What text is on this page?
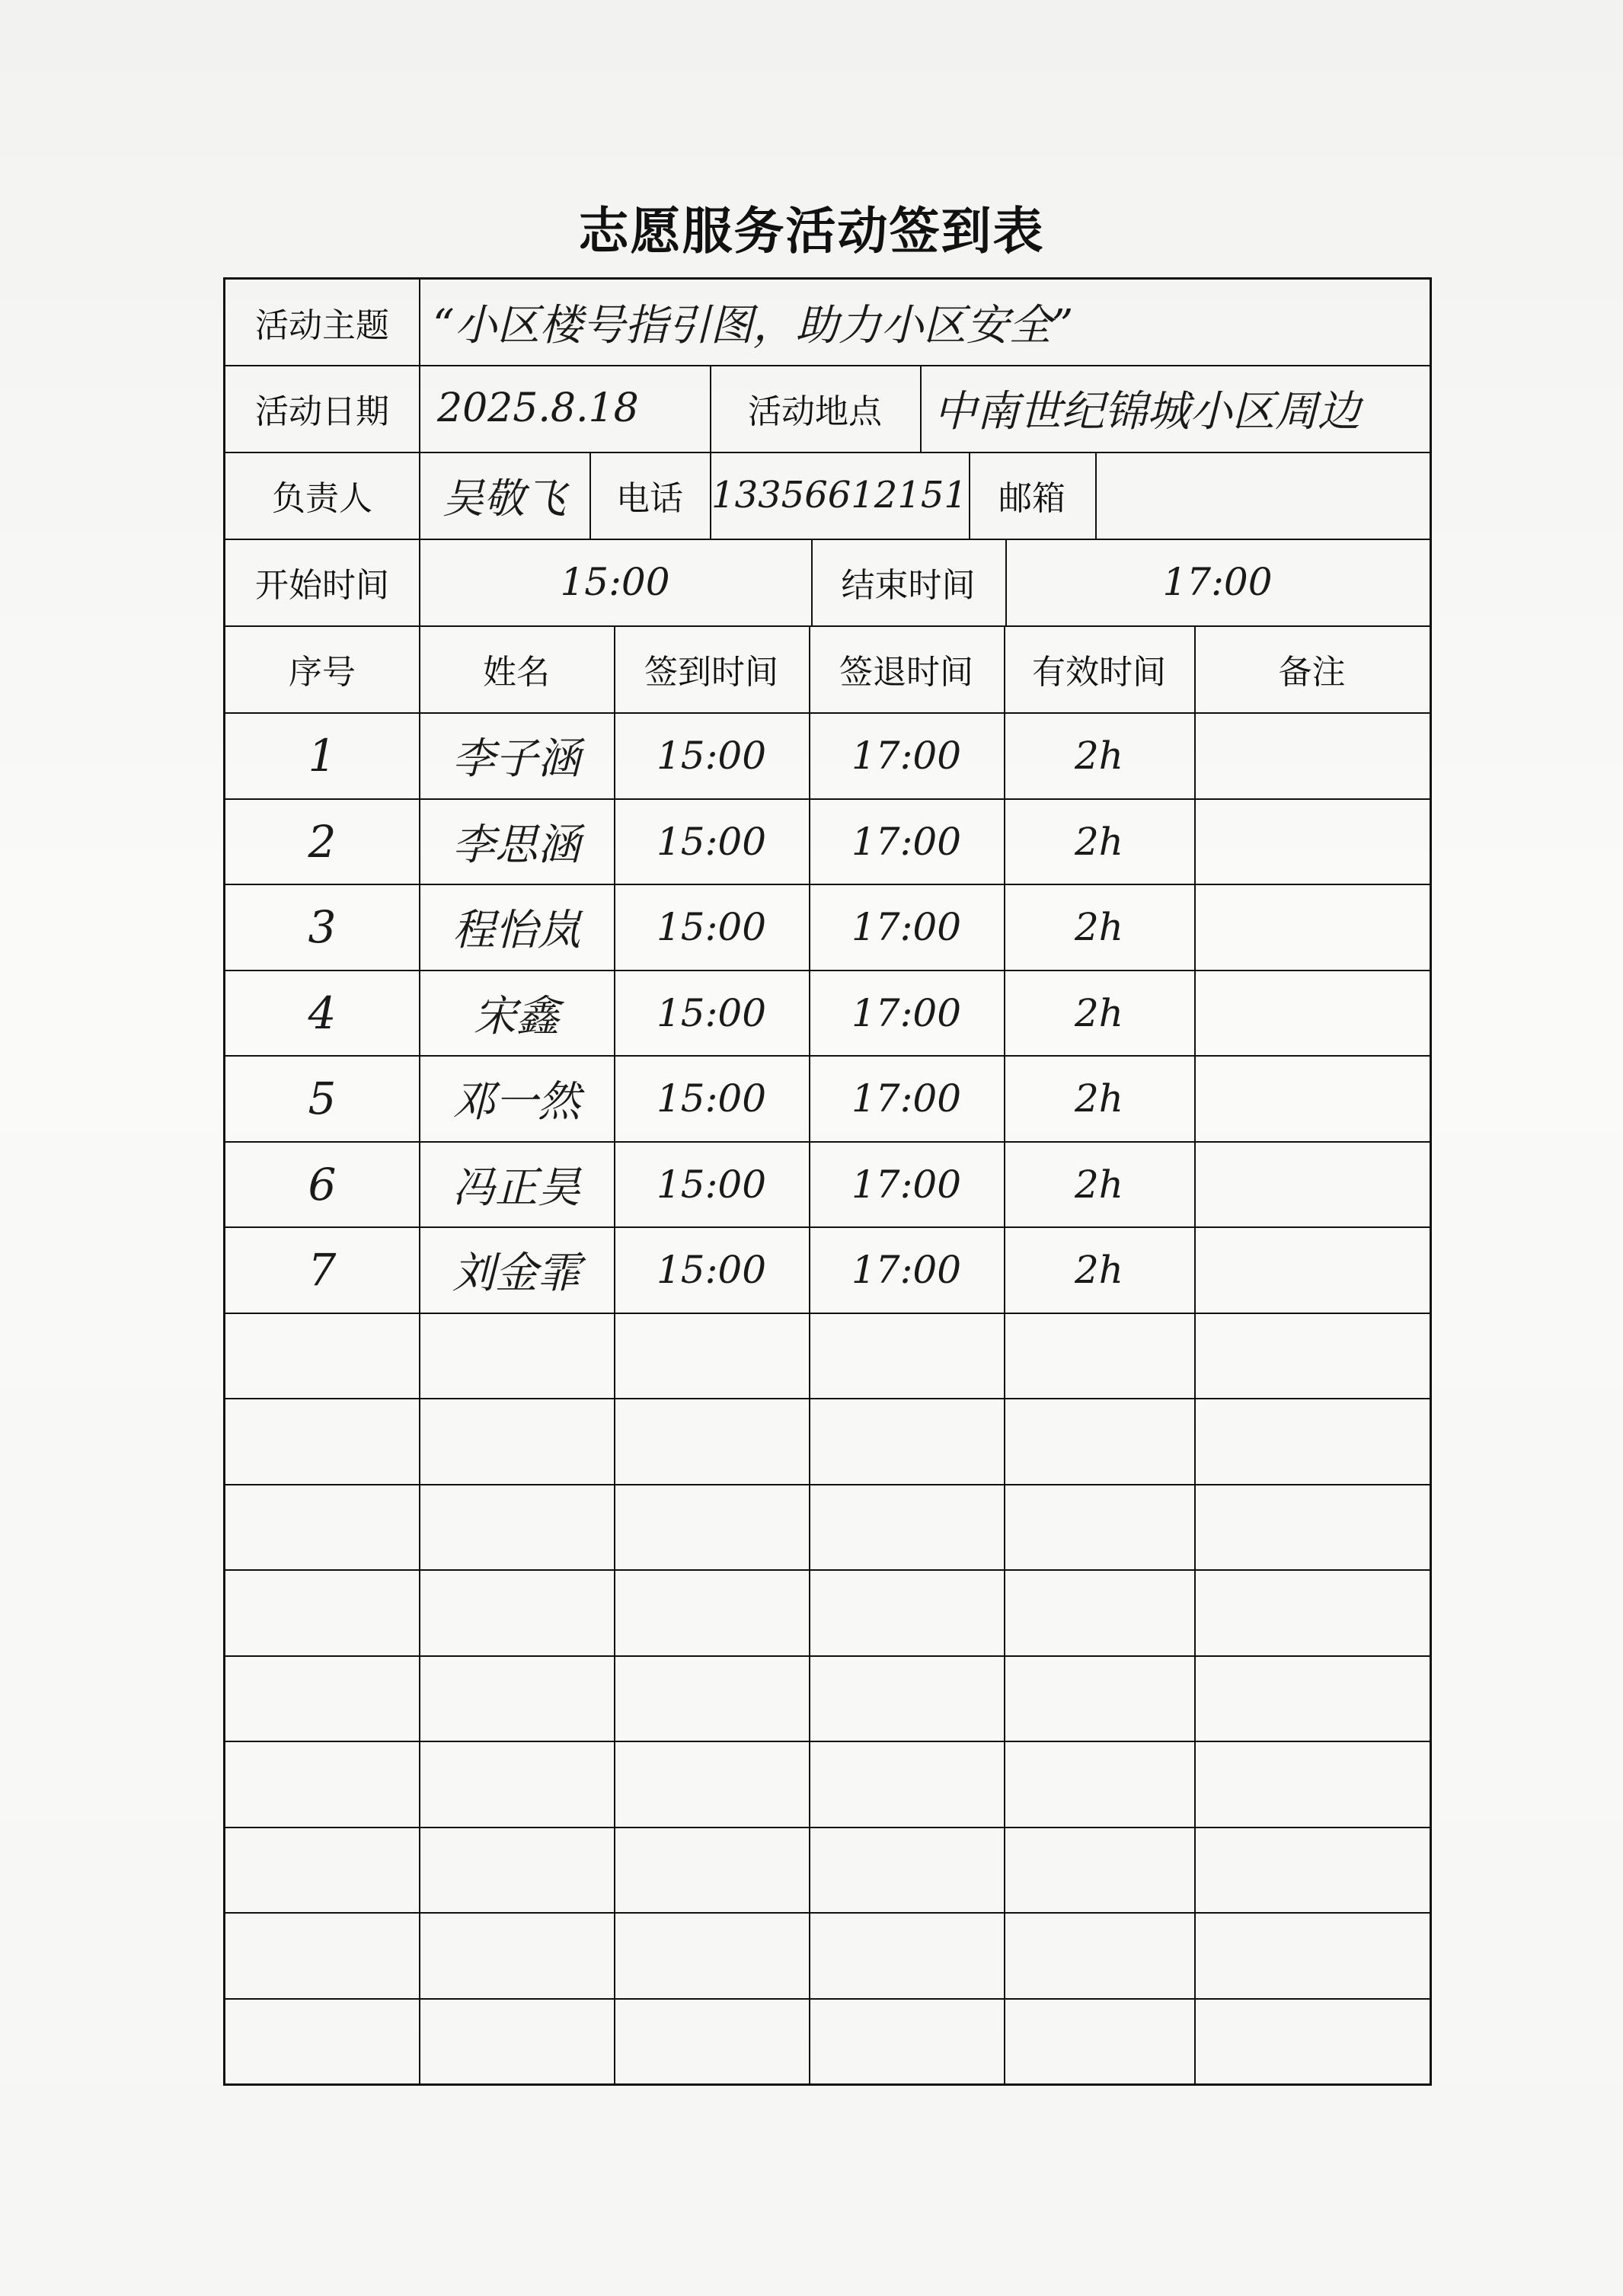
志愿服务活动签到表
活动主题	“小区楼号指引图，助力小区安全”
活动日期	2025.8.18	活动地点	中南世纪锦城小区周边
负责人	吴敬飞	电话 13356612151 邮箱
开始时间	15:00	结束时间	17:00
序号	姓名	签到时间	签退时间	有效时间	备注
1	李子涵	15:00	17:00	2h
2	李思涵	15:00	17:00	2h
3	程怡岚	15:00	17:00	2h
4	宋鑫	15:00	17:00	2h
5	邓一然	15:00	17:00	2h
6	冯正昊	15:00	17:00	2h
7	刘金霏	15:00	17:00	2h
